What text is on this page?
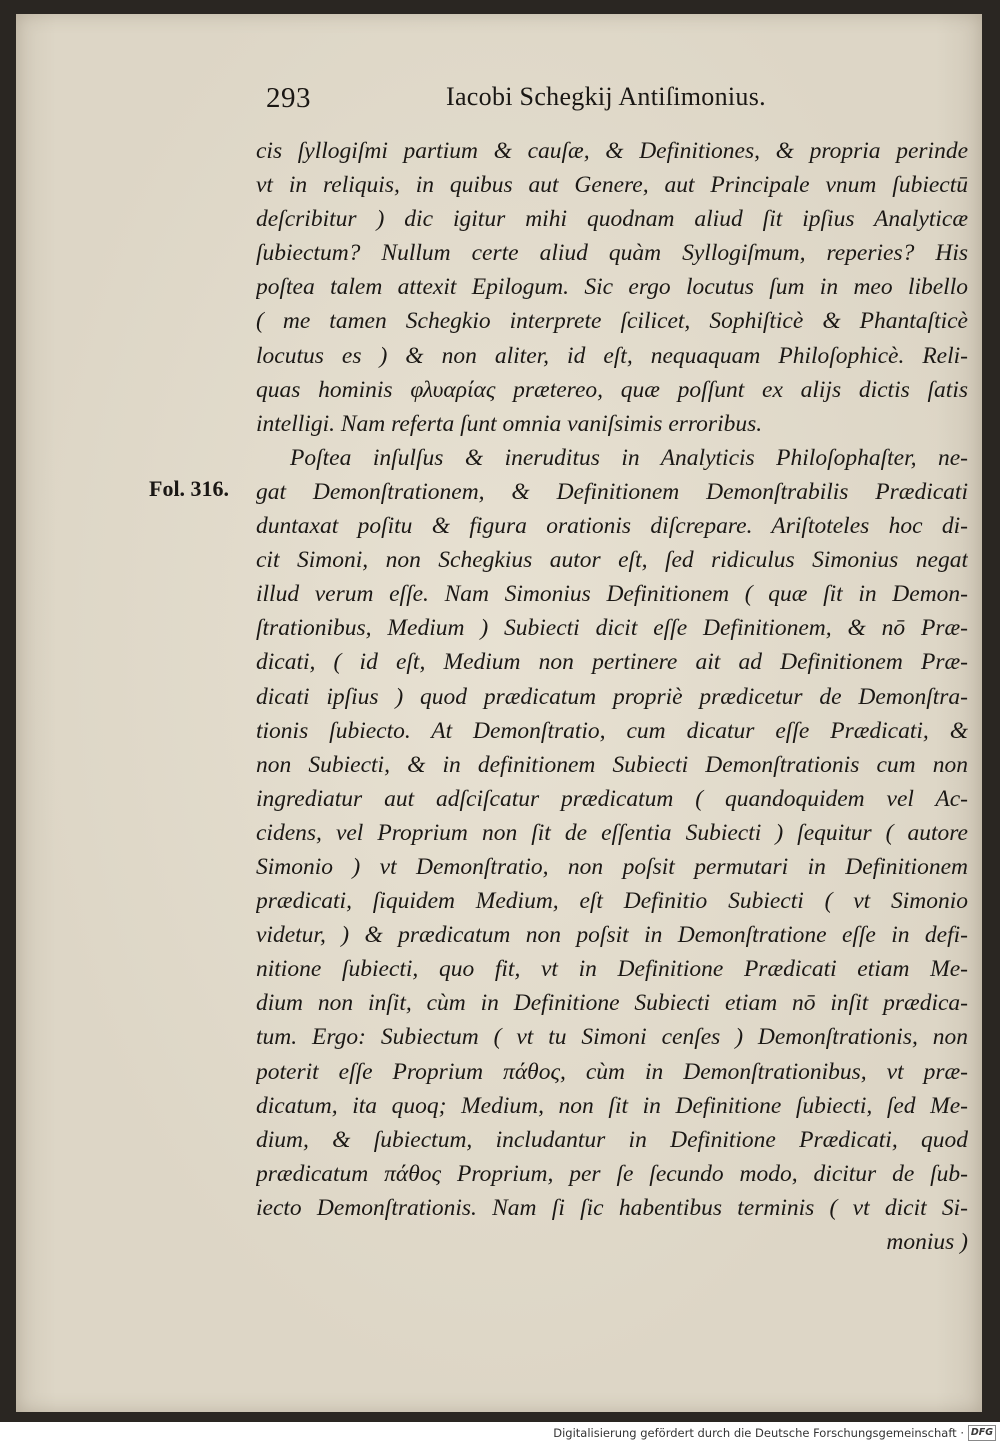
293	Iacobi Schegkij Antiſimonius.
Fol. 316.
cis ſyllogiſmi partium & cauſæ, & Definitiones, & propria perinde
vt in reliquis, in quibus aut Genere, aut Principale vnum ſubiectū
deſcribitur ) dic igitur mihi quodnam aliud ſit ipſius Analyticæ
ſubiectum? Nullum certe aliud quàm Syllogiſmum, reperies? His
poſtea talem attexit Epilogum. Sic ergo locutus ſum in meo libello
( me tamen Schegkio interprete ſcilicet, Sophiſticè & Phantaſticè
locutus es ) & non aliter, id eſt, nequaquam Philoſophicè. Reli-
quas hominis φλυαρίας prætereo, quæ poſſunt ex alijs dictis ſatis
intelligi. Nam referta ſunt omnia vaniſsimis erroribus.
Poſtea inſulſus & ineruditus in Analyticis Philoſophaſter, ne-
gat Demonſtrationem, & Definitionem Demonſtrabilis Prædicati
duntaxat poſitu & figura orationis diſcrepare. Ariſtoteles hoc di-
cit Simoni, non Schegkius autor eſt, ſed ridiculus Simonius negat
illud verum eſſe. Nam Simonius Definitionem ( quæ ſit in Demon-
ſtrationibus, Medium ) Subiecti dicit eſſe Definitionem, & nō Præ-
dicati, ( id eſt, Medium non pertinere ait ad Definitionem Præ-
dicati ipſius ) quod prædicatum propriè prædicetur de Demonſtra-
tionis ſubiecto. At Demonſtratio, cum dicatur eſſe Prædicati, &
non Subiecti, & in definitionem Subiecti Demonſtrationis cum non
ingrediatur aut adſciſcatur prædicatum ( quandoquidem vel Ac-
cidens, vel Proprium non ſit de eſſentia Subiecti ) ſequitur ( autore
Simonio ) vt Demonſtratio, non poſsit permutari in Definitionem
prædicati, ſiquidem Medium, eſt Definitio Subiecti ( vt Simonio
videtur, ) & prædicatum non poſsit in Demonſtratione eſſe in defi-
nitione ſubiecti, quo fit, vt in Definitione Prædicati etiam Me-
dium non inſit, cùm in Definitione Subiecti etiam nō inſit prædica-
tum. Ergo: Subiectum ( vt tu Simoni cenſes ) Demonſtrationis, non
poterit eſſe Proprium πάθος, cùm in Demonſtrationibus, vt præ-
dicatum, ita quoq; Medium, non ſit in Definitione ſubiecti, ſed Me-
dium, & ſubiectum, includantur in Definitione Prædicati, quod
prædicatum πάθος Proprium, per ſe ſecundo modo, dicitur de ſub-
iecto Demonſtrationis. Nam ſi ſic habentibus terminis ( vt dicit Si-
monius )
Digitalisierung gefördert durch die Deutsche Forschungsgemeinschaft · DFG
